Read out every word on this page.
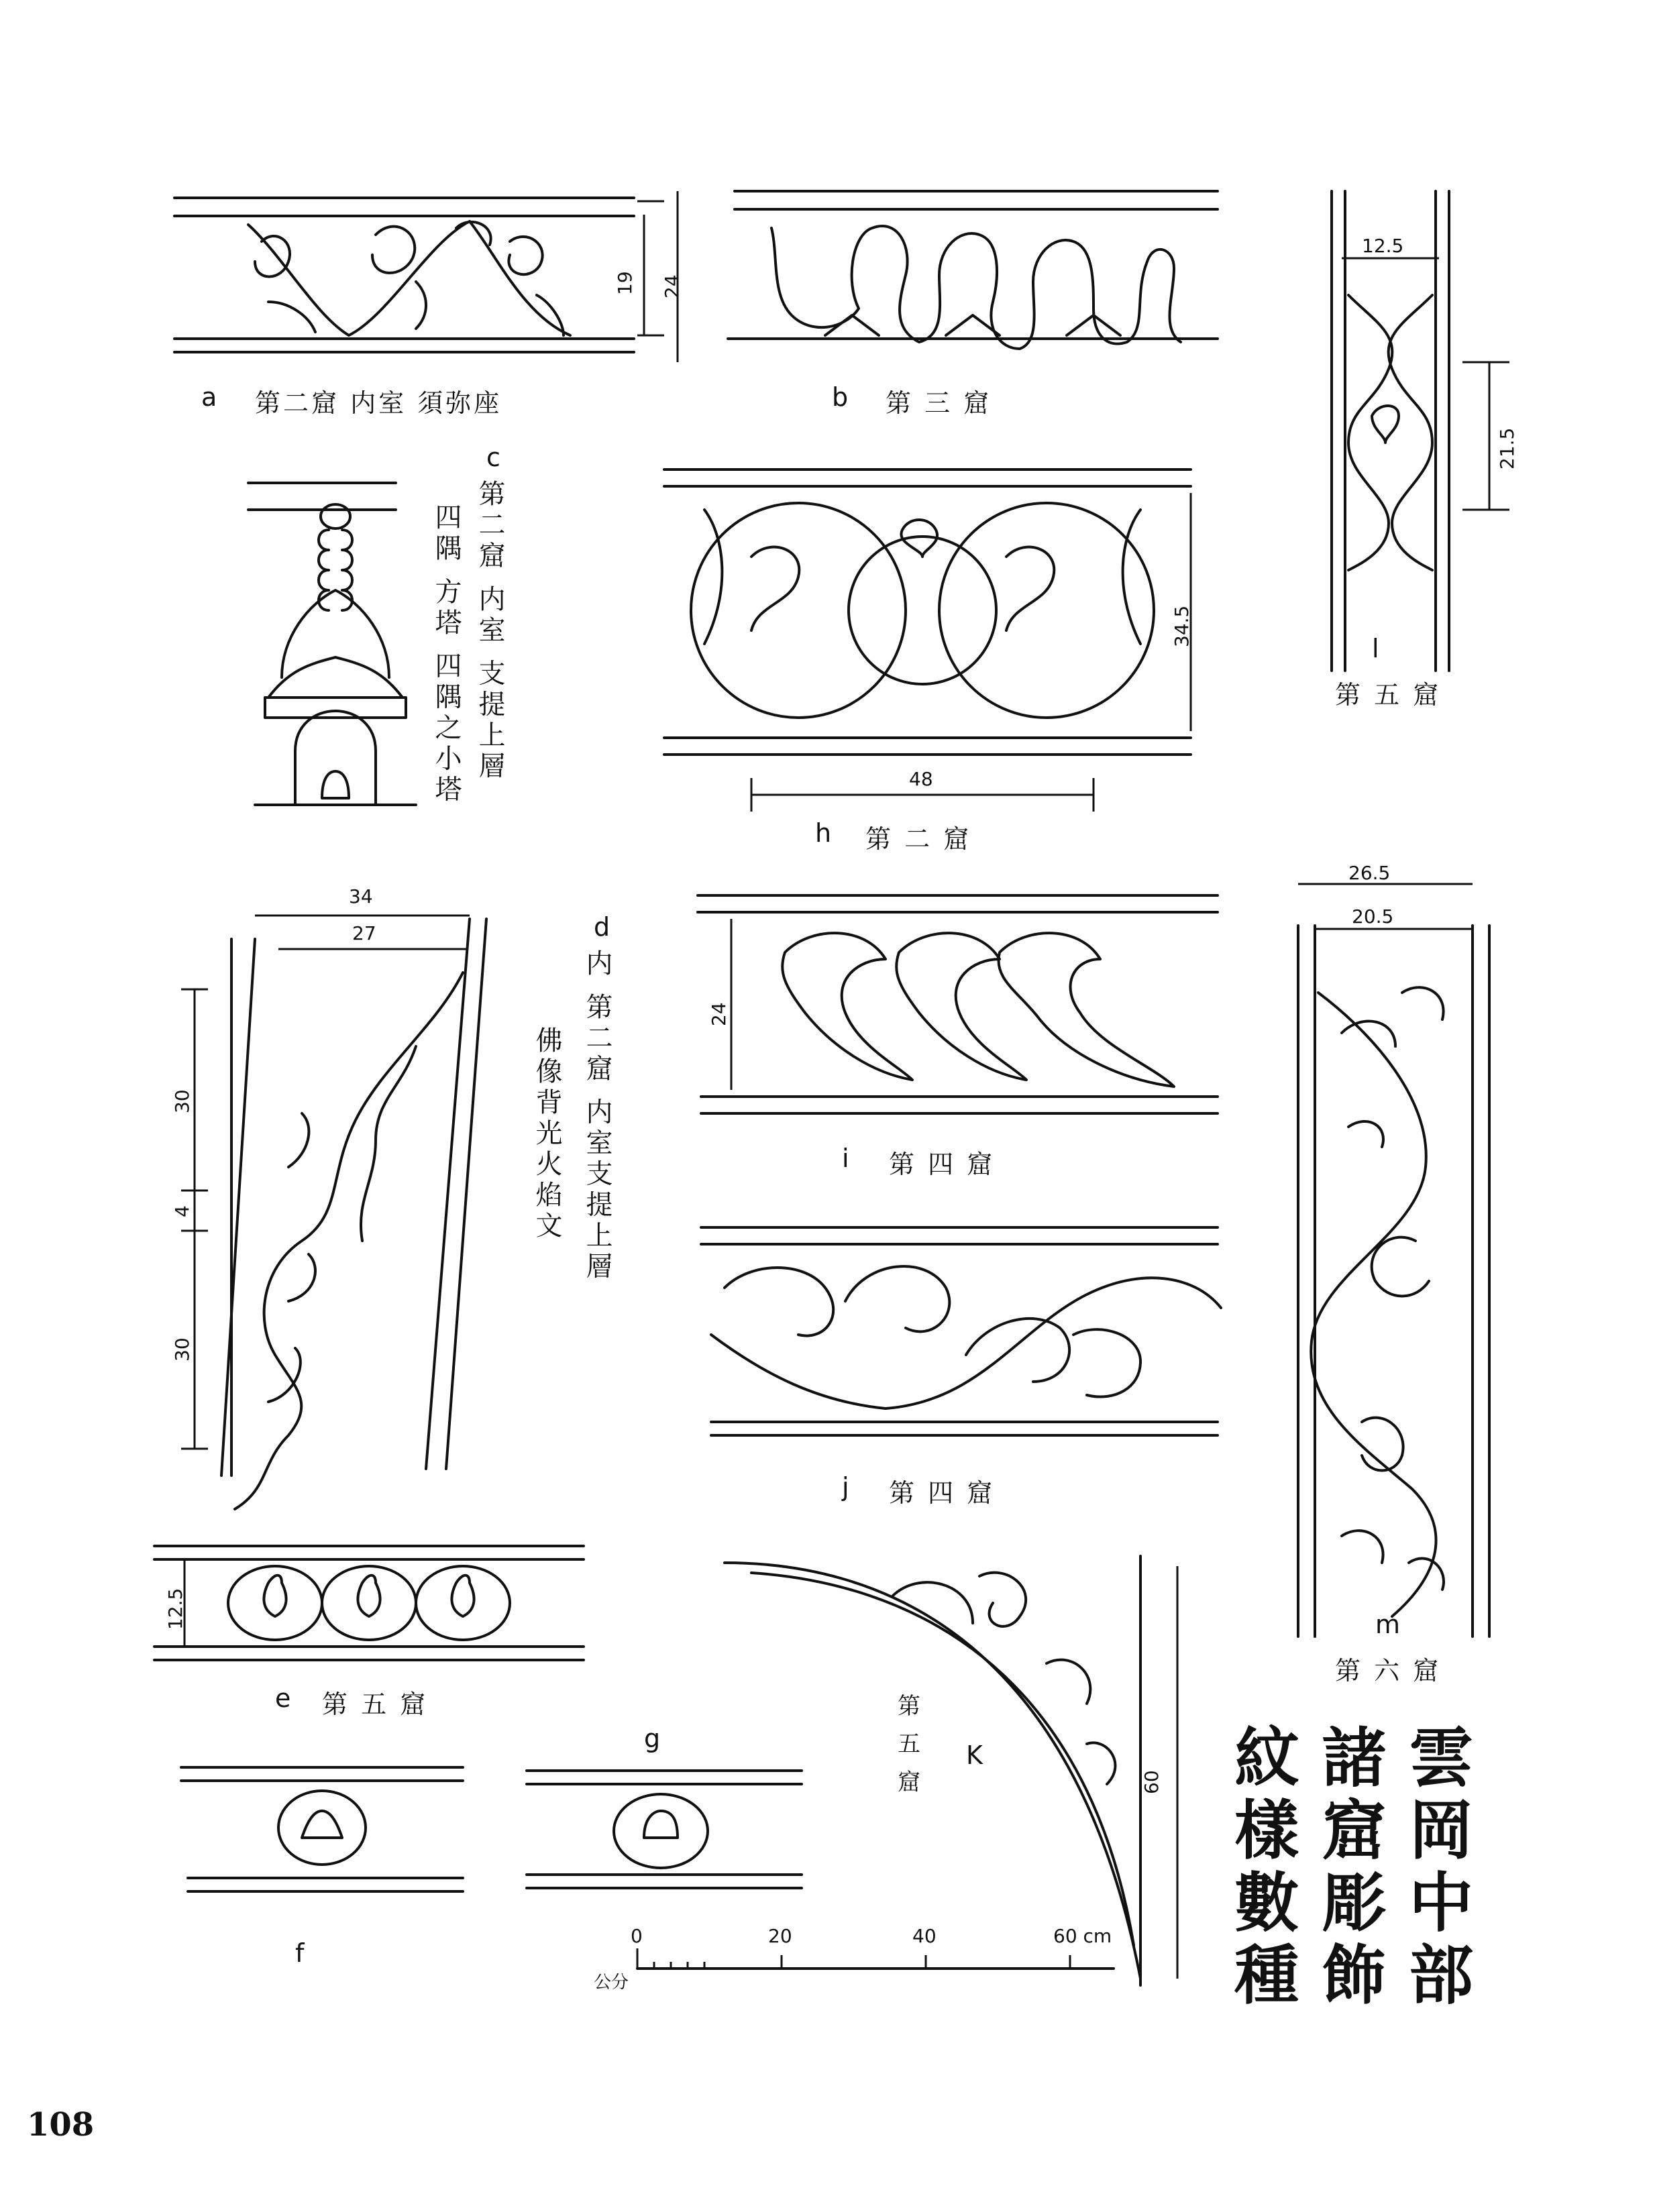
a 第二窟 内室 須弥座
19 24
b 第 三 窟
12.5
21.5
l
第 五 窟
c
第二窟 内室 支提上層
四隅 方塔 四隅之小塔	34.5
48
h 第 二 窟
34
27
30
4
30
d
内 第二窟 内室支提上層
佛像背光火焰文
24
i 第 四 窟
j 第 四 窟
26.5
20.5
m
第 六 窟
12.5
e 第 五 窟
g
f
第 五 窟 K
60
公分
0	20	40	60 cm	雲岡中部
諸窟彫飾
紋樣數種
108
